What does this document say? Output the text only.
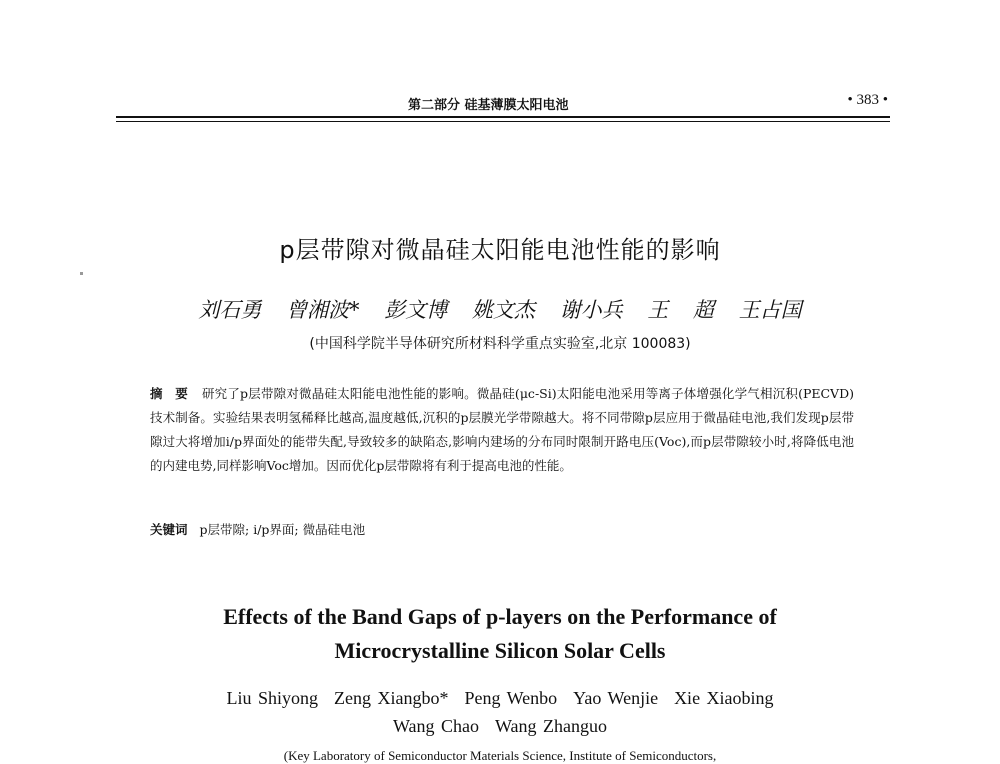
第二部分 硅基薄膜太阳电池	• 383 •
p层带隙对微晶硅太阳能电池性能的影响
刘石勇 曾湘波* 彭文博 姚文杰 谢小兵 王 超 王占国
(中国科学院半导体研究所材料科学重点实验室,北京 100083)
摘 要 研究了p层带隙对微晶硅太阳能电池性能的影响。微晶硅(μc-Si)太阳能电池采用等离子体增强化学气相沉积(PECVD)技术制备。实验结果表明氢稀释比越高,温度越低,沉积的p层膜光学带隙越大。将不同带隙p层应用于微晶硅电池,我们发现p层带隙过大将增加i/p界面处的能带失配,导致较多的缺陷态,影响内建场的分布同时限制开路电压(Voc),而p层带隙较小时,将降低电池的内建电势,同样影响Voc增加。因而优化p层带隙将有利于提高电池的性能。
关键词 p层带隙; i/p界面; 微晶硅电池
Effects of the Band Gaps of p-layers on the Performance of
Microcrystalline Silicon Solar Cells
Liu Shiyong Zeng Xiangbo* Peng Wenbo Yao Wenjie Xie Xiaobing
Wang Chao Wang Zhanguo
(Key Laboratory of Semiconductor Materials Science, Institute of Semiconductors,
